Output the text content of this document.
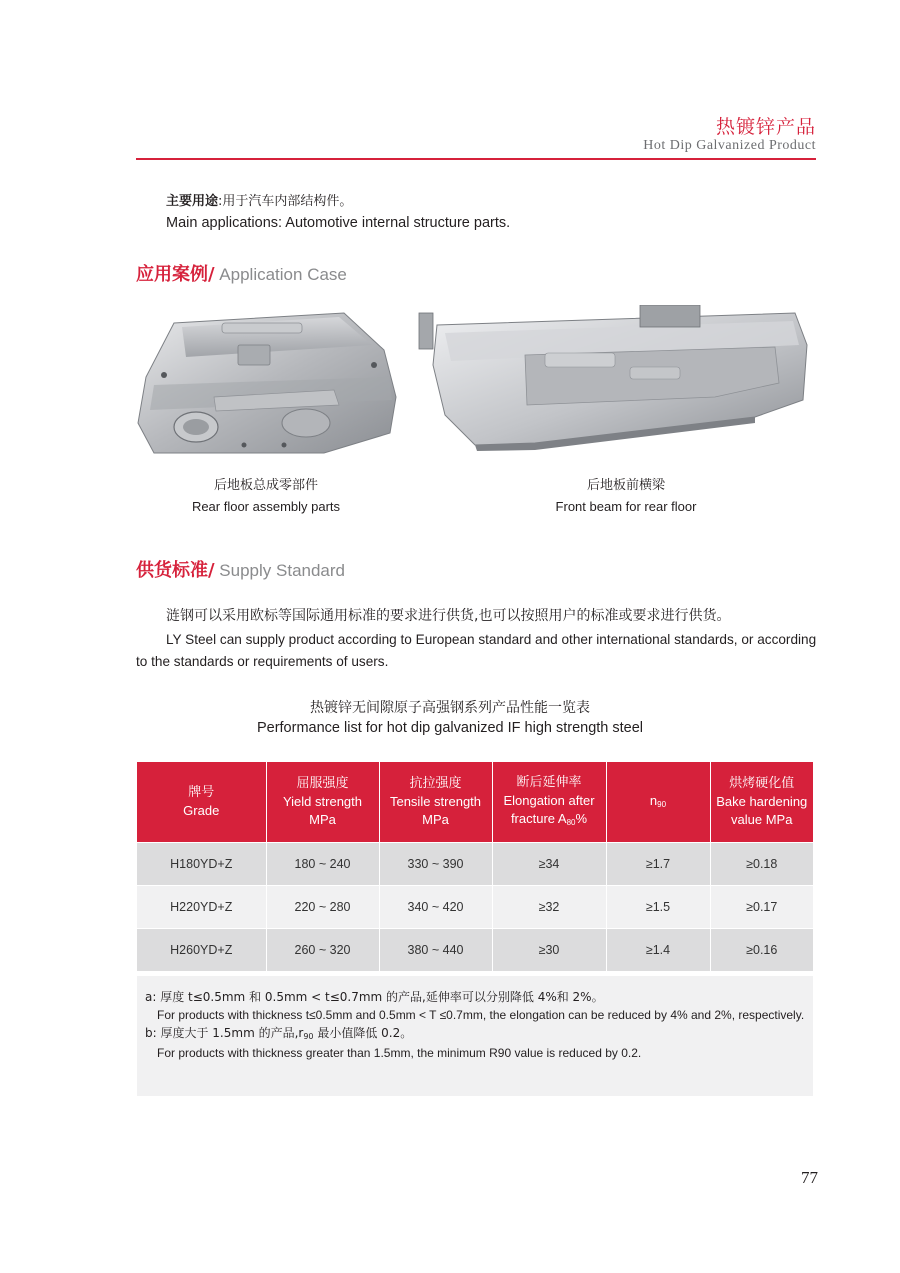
热镀锌产品
Hot Dip Galvanized Product
主要用途:用于汽车内部结构件。
Main applications: Automotive internal structure parts.
应用案例/ Application Case
后地板总成零部件
Rear floor assembly parts
后地板前横梁
Front beam for rear floor
供货标准/ Supply Standard
涟钢可以采用欧标等国际通用标准的要求进行供货,也可以按照用户的标准或要求进行供货。
LY Steel can supply product according to European standard and other international standards, or according to the standards or requirements of users.
热镀锌无间隙原子高强钢系列产品性能一览表
Performance list for hot dip galvanized IF high strength steel
牌号
Grade	屈服强度
Yield strength
MPa	抗拉强度
Tensile strength
MPa	断后延伸率
Elongation after
fracture $A_{80}\%$	$n_{90}$	烘烤硬化值
Bake hardening
value MPa
H180YD+Z	180 ~ 240	330 ~ 390	≥34	≥1.7	≥0.18
H220YD+Z	220 ~ 280	340 ~ 420	≥32	≥1.5	≥0.17
H260YD+Z	260 ~ 320	380 ~ 440	≥30	≥1.4	≥0.16
a: 厚度 t≤0.5mm 和 0.5mm < t≤0.7mm 的产品,延伸率可以分别降低 4%和 2%。
For products with thickness t≤0.5mm and 0.5mm < T ≤0.7mm, the elongation can be reduced by 4% and 2%, respectively.
b: 厚度大于 1.5mm 的产品$,r_{90}$ 最小值降低 0.2。
For products with thickness greater than 1.5mm, the minimum R90 value is reduced by 0.2.
77
